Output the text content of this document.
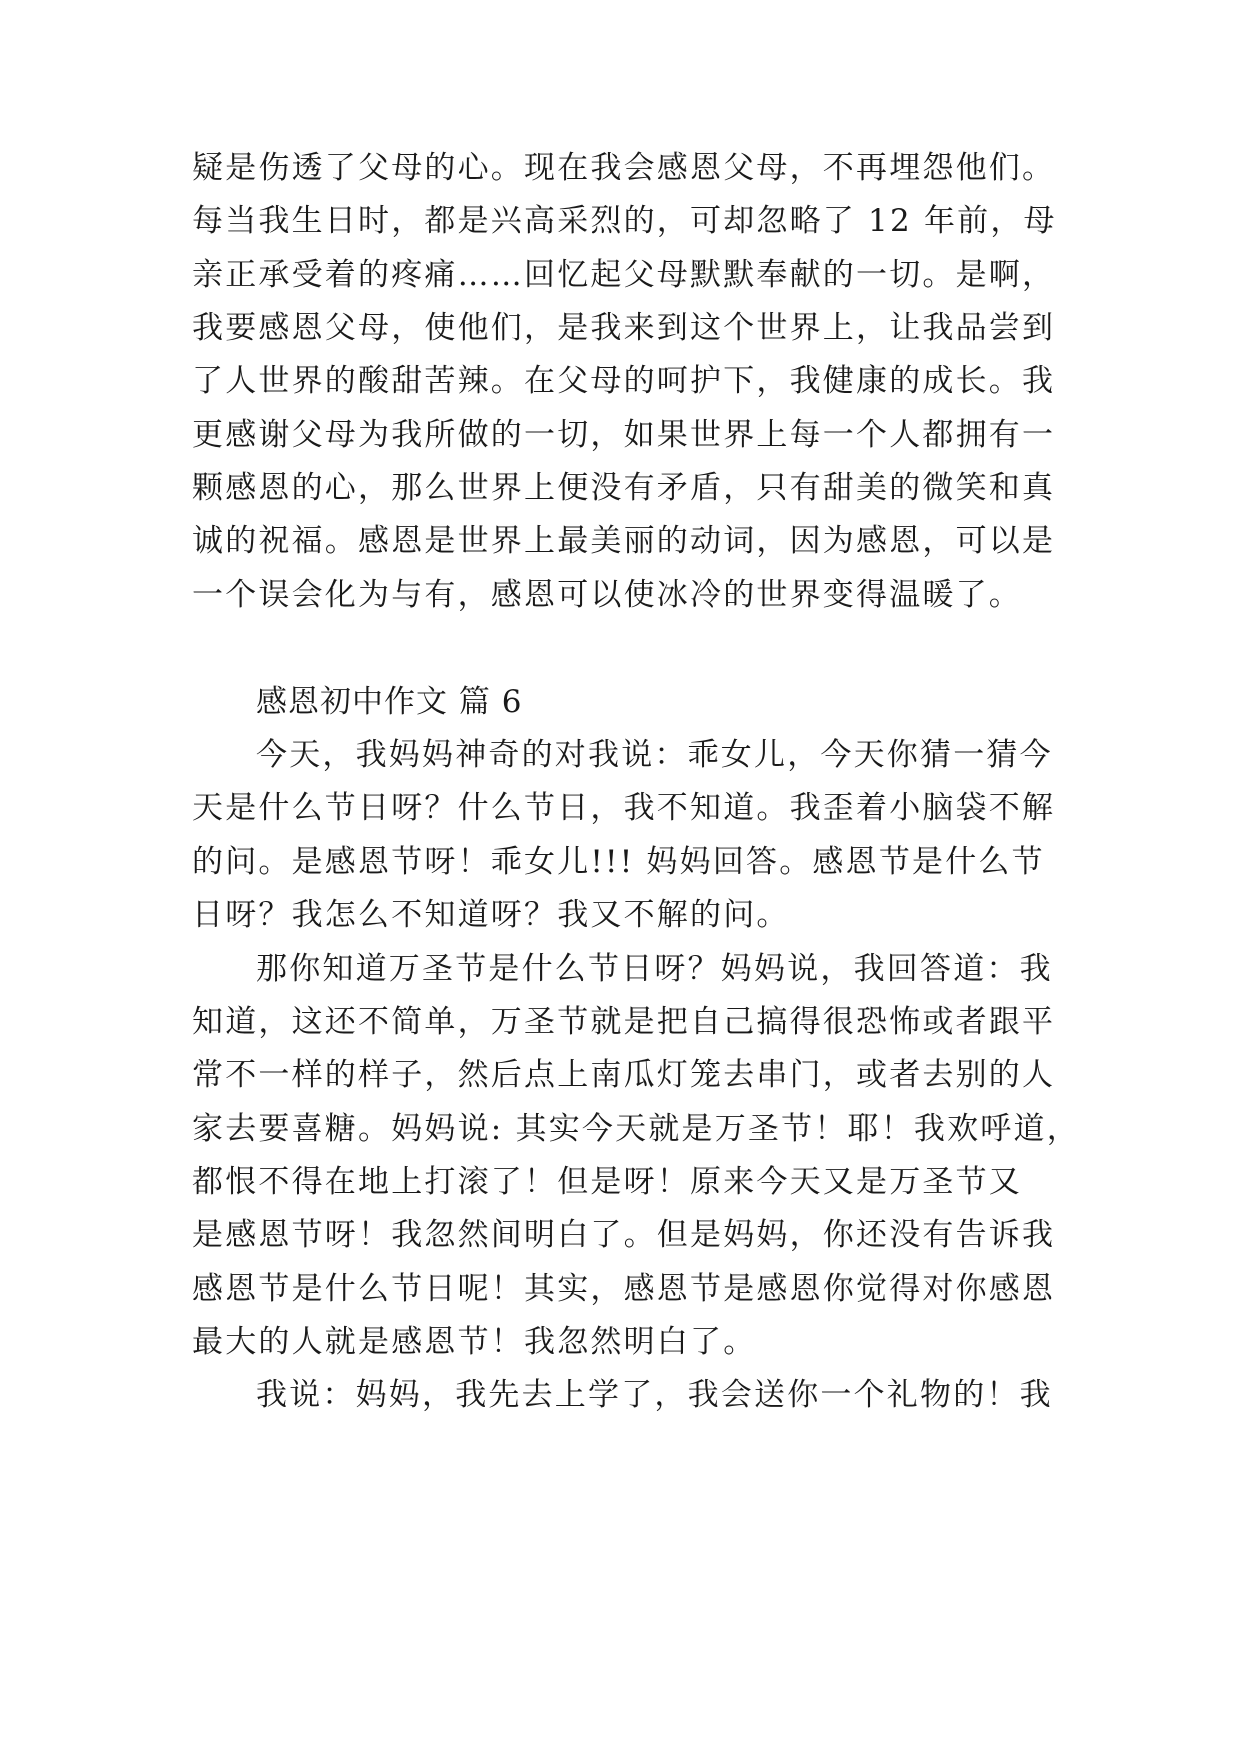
疑是伤透了父母的心。现在我会感恩父母，不再埋怨他们。
每当我生日时，都是兴高采烈的，可却忽略了 12 年前，母
亲正承受着的疼痛……回忆起父母默默奉献的一切。是啊，
我要感恩父母，使他们，是我来到这个世界上，让我品尝到
了人世界的酸甜苦辣。在父母的呵护下，我健康的成长。我
更感谢父母为我所做的一切，如果世界上每一个人都拥有一
颗感恩的心，那么世界上便没有矛盾，只有甜美的微笑和真
诚的祝福。感恩是世界上最美丽的动词，因为感恩，可以是
一个误会化为与有，感恩可以使冰冷的世界变得温暖了。
感恩初中作文 篇 6
今天，我妈妈神奇的对我说：乖女儿，今天你猜一猜今
天是什么节日呀？什么节日，我不知道。我歪着小脑袋不解
的问。是感恩节呀！乖女儿!!! 妈妈回答。感恩节是什么节
日呀？我怎么不知道呀？我又不解的问。
那你知道万圣节是什么节日呀？妈妈说，我回答道：我
知道，这还不简单，万圣节就是把自己搞得很恐怖或者跟平
常不一样的样子，然后点上南瓜灯笼去串门，或者去别的人
家去要喜糖。妈妈说: 其实今天就是万圣节！耶！我欢呼道，
都恨不得在地上打滚了！但是呀！原来今天又是万圣节又
是感恩节呀！我忽然间明白了。但是妈妈，你还没有告诉我
感恩节是什么节日呢！其实，感恩节是感恩你觉得对你感恩
最大的人就是感恩节！我忽然明白了。
我说：妈妈，我先去上学了，我会送你一个礼物的！我
